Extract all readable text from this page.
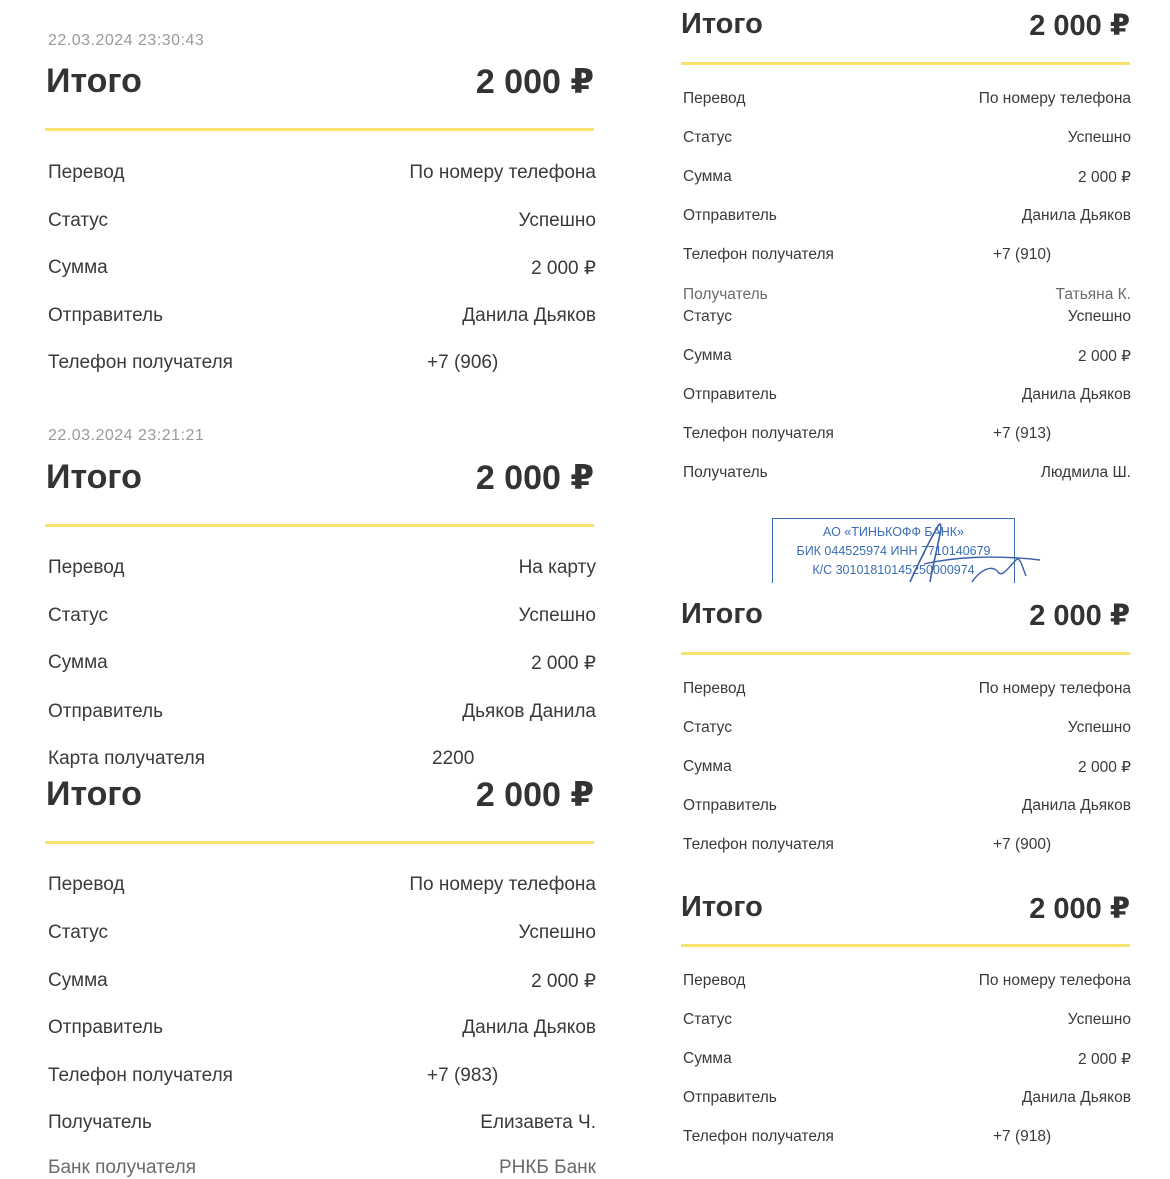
22.03.2024 23:30:43
Итого	2 000 ₽
Перевод	По номеру телефона
Статус	Успешно
Сумма	2 000 ₽
Отправитель	Данила Дьяков
Телефон получателя	+7 (906)
22.03.2024 23:21:21
Итого	2 000 ₽
Перевод	На карту
Статус	Успешно
Сумма	2 000 ₽
Отправитель	Дьяков Данила
Карта получателя	2200
Итого	2 000 ₽
Перевод	По номеру телефона
Статус	Успешно
Сумма	2 000 ₽
Отправитель	Данила Дьяков
Телефон получателя	+7 (983)
Получатель	Елизавета Ч.
Банк получателя	РНКБ Банк
Итого	2 000 ₽
Перевод	По номеру телефона
Статус	Успешно
Сумма	2 000 ₽
Отправитель	Данила Дьяков
Телефон получателя	+7 (910)
Получатель	Татьяна К.
Статус	Успешно
Сумма	2 000 ₽
Отправитель	Данила Дьяков
Телефон получателя	+7 (913)
Получатель	Людмила Ш.
АО «ТИНЬКОФФ БАНК»
БИК 044525974 ИНН 7710140679
К/С 30101810145250000974
Итого	2 000 ₽
Перевод	По номеру телефона
Статус	Успешно
Сумма	2 000 ₽
Отправитель	Данила Дьяков
Телефон получателя	+7 (900)
Итого	2 000 ₽
Перевод	По номеру телефона
Статус	Успешно
Сумма	2 000 ₽
Отправитель	Данила Дьяков
Телефон получателя	+7 (918)
